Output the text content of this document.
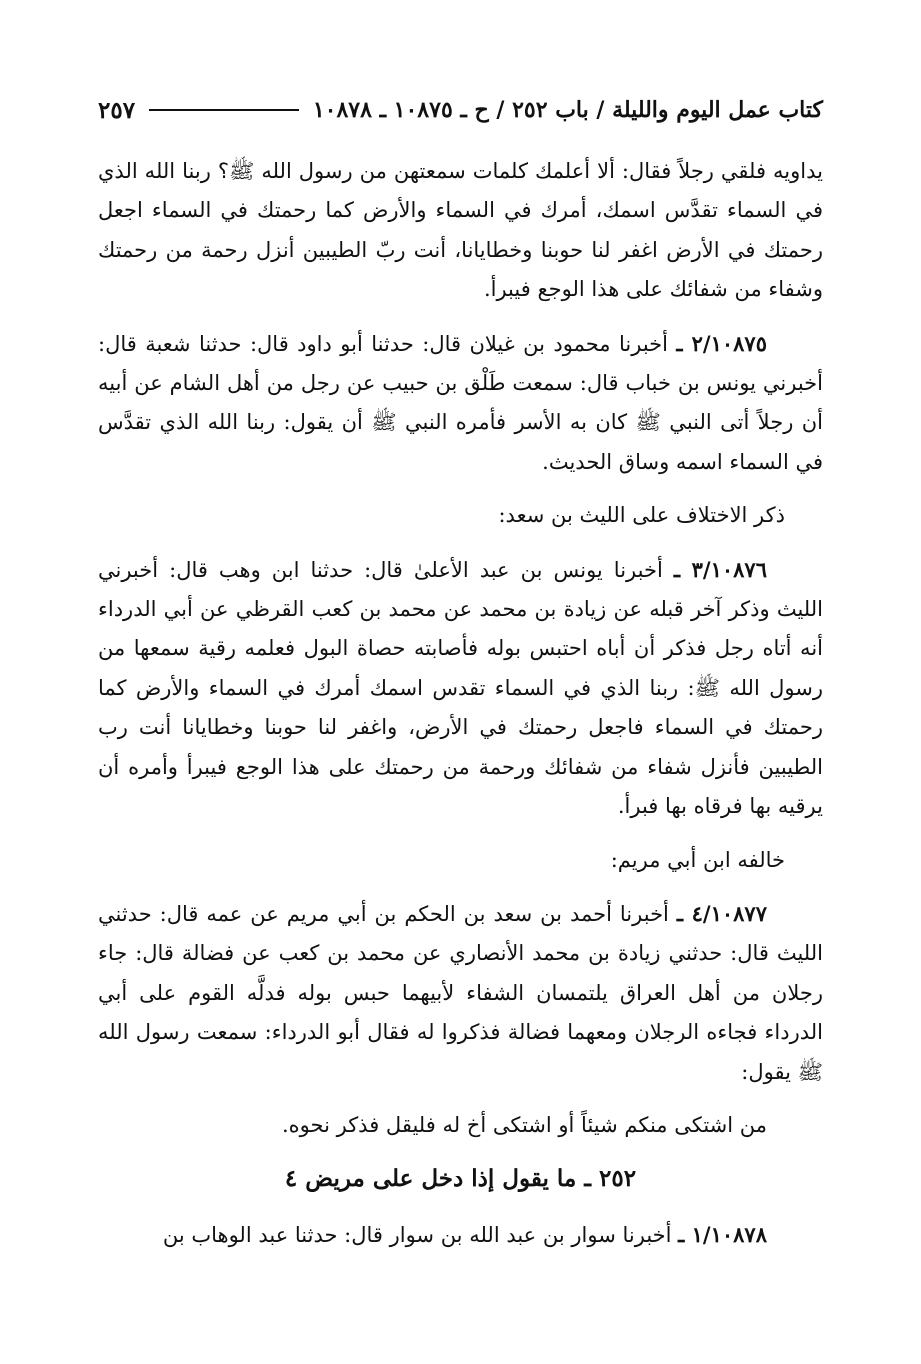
كتاب عمل اليوم والليلة / باب ٢٥٢ / ح ـ ١٠٨٧٥ ـ ١٠٨٧٨
٢٥٧

يداويه فلقي رجلاً فقال: ألا أعلمك كلمات سمعتهن من رسول الله ﷺ؟ ربنا الله الذي في السماء تقدَّس اسمك، أمرك في السماء والأرض كما رحمتك في السماء اجعل رحمتك في الأرض اغفر لنا حوبنا وخطايانا، أنت ربّ الطيبين أنزل رحمة من رحمتك وشفاء من شفائك على هذا الوجع فيبرأ.

٢/١٠٨٧٥ ـ أخبرنا محمود بن غيلان قال: حدثنا أبو داود قال: حدثنا شعبة قال: أخبرني يونس بن خباب قال: سمعت طَلْق بن حبيب عن رجل من أهل الشام عن أبيه أن رجلاً أتى النبي ﷺ كان به الأسر فأمره النبي ﷺ أن يقول: ربنا الله الذي تقدَّس في السماء اسمه وساق الحديث.

ذكر الاختلاف على الليث بن سعد:

٣/١٠٨٧٦ ـ أخبرنا يونس بن عبد الأعلىٰ قال: حدثنا ابن وهب قال: أخبرني الليث وذكر آخر قبله عن زيادة بن محمد عن محمد بن كعب القرظي عن أبي الدرداء أنه أتاه رجل فذكر أن أباه احتبس بوله فأصابته حصاة البول فعلمه رقية سمعها من رسول الله ﷺ: ربنا الذي في السماء تقدس اسمك أمرك في السماء والأرض كما رحمتك في السماء فاجعل رحمتك في الأرض، واغفر لنا حوبنا وخطايانا أنت رب الطيبين فأنزل شفاء من شفائك ورحمة من رحمتك على هذا الوجع فيبرأ وأمره أن يرقيه بها فرقاه بها فبرأ.

خالفه ابن أبي مريم:

٤/١٠٨٧٧ ـ أخبرنا أحمد بن سعد بن الحكم بن أبي مريم عن عمه قال: حدثني الليث قال: حدثني زيادة بن محمد الأنصاري عن محمد بن كعب عن فضالة قال: جاء رجلان من أهل العراق يلتمسان الشفاء لأبيهما حبس بوله فدلَّه القوم على أبي الدرداء فجاءه الرجلان ومعهما فضالة فذكروا له فقال أبو الدرداء: سمعت رسول الله ﷺ يقول:

من اشتكى منكم شيئاً أو اشتكى أخ له فليقل فذكر نحوه.

٢٥٢ ـ ما يقول إذا دخل على مريض ٤

١/١٠٨٧٨ ـ أخبرنا سوار بن عبد الله بن سوار قال: حدثنا عبد الوهاب بن
